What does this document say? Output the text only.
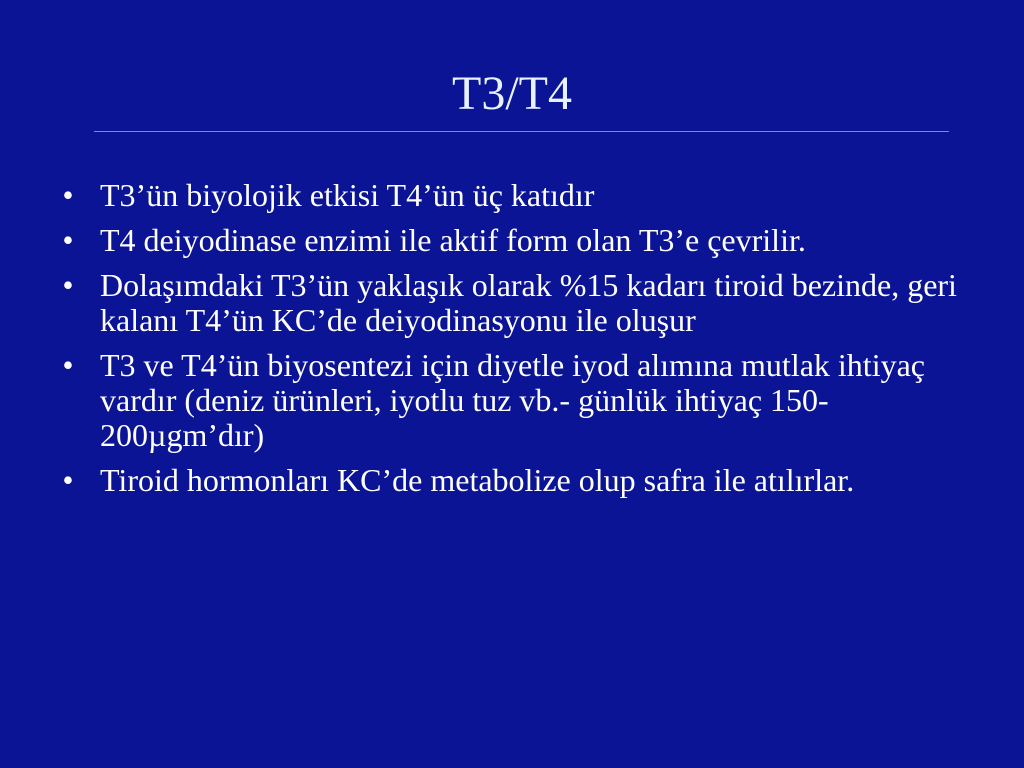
T3/T4
• T3’ün biyolojik etkisi T4’ün üç katıdır
• T4 deiyodinase enzimi ile aktif form olan T3’e çevrilir.
• Dolaşımdaki T3’ün yaklaşık olarak %15 kadarı tiroid bezinde, geri kalanı T4’ün KC’de deiyodinasyonu ile oluşur
• T3 ve T4’ün biyosentezi için diyetle iyod alımına mutlak ihtiyaç vardır (deniz ürünleri, iyotlu tuz vb.- günlük ihtiyaç 150-200µgm’dır)
• Tiroid hormonları KC’de metabolize olup safra ile atılırlar.
